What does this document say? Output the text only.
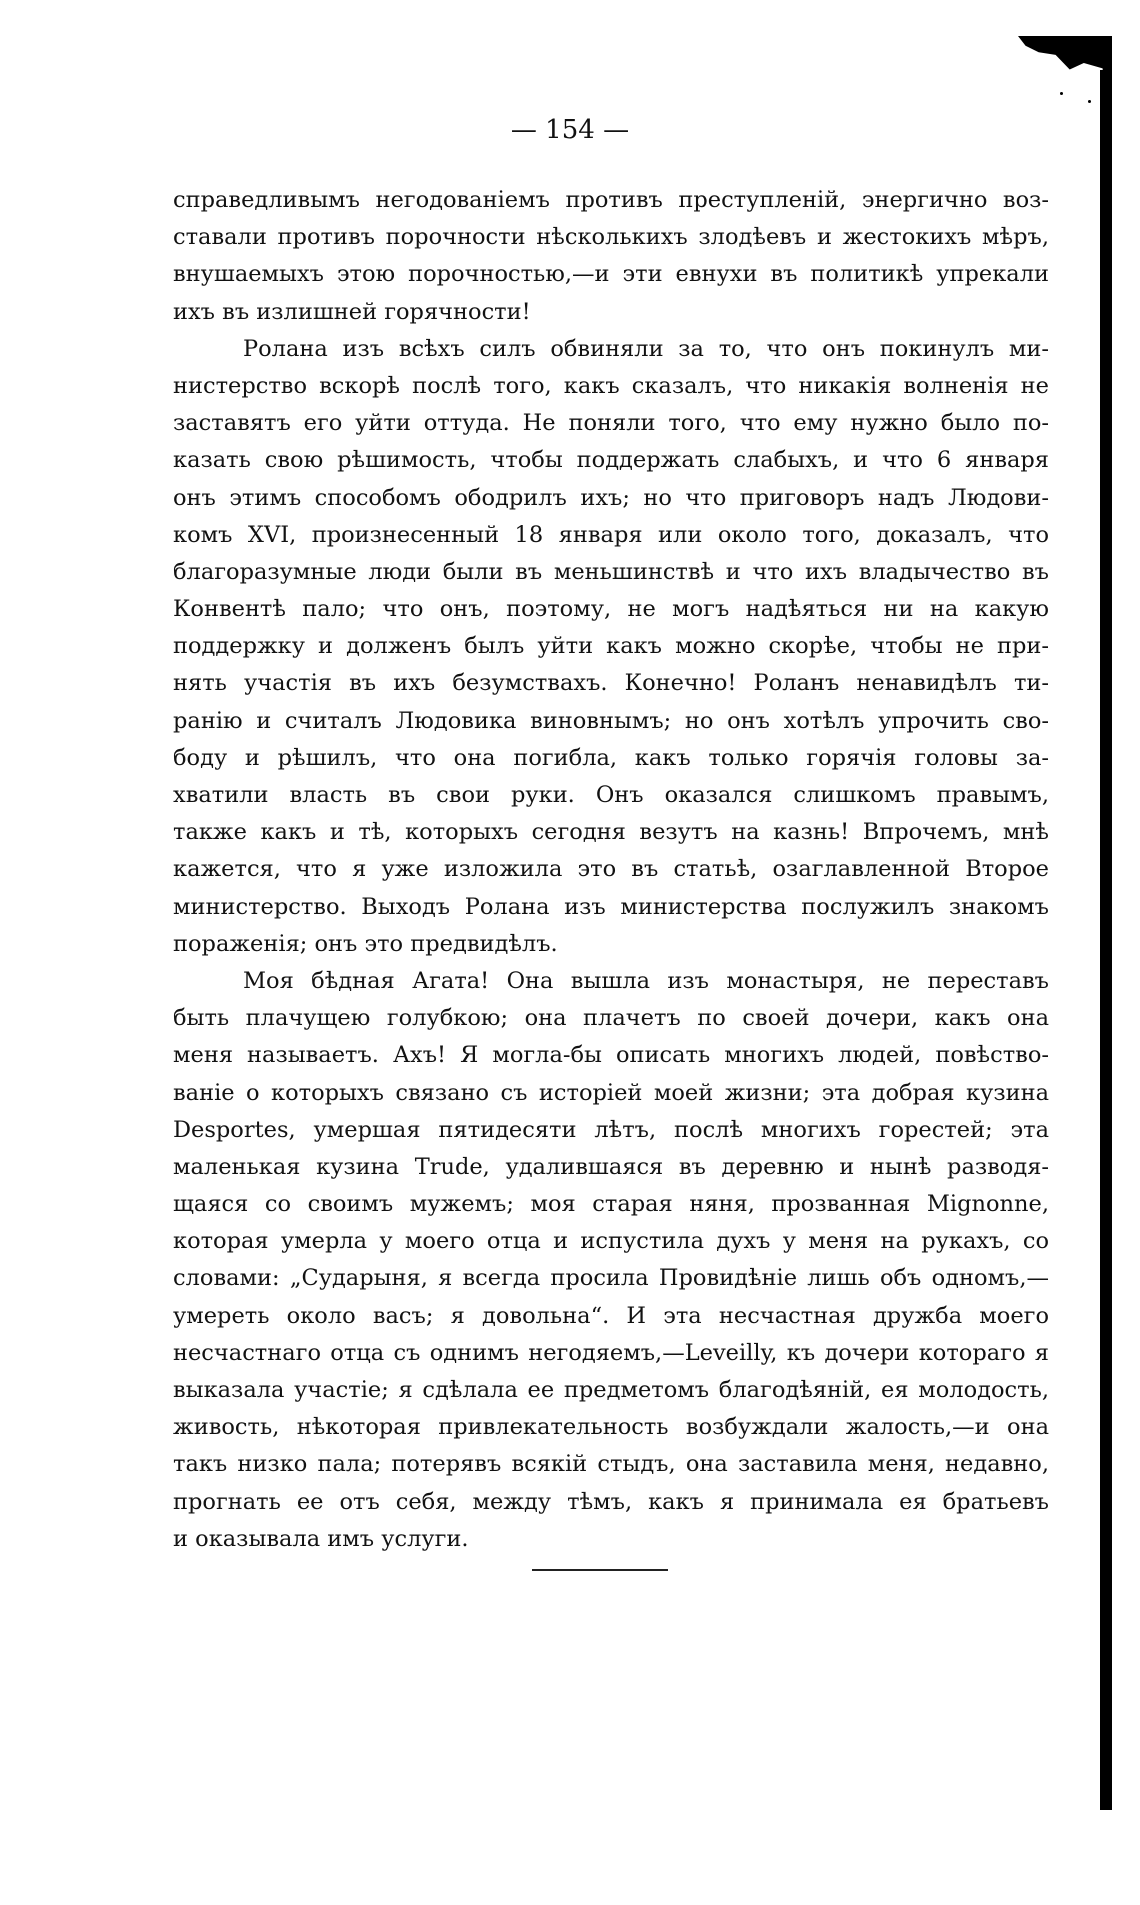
— 154 —

справедливымъ негодованіемъ противъ преступленій, энергично воз-
ставали противъ порочности нѣсколькихъ злодѣевъ и жестокихъ мѣръ,
внушаемыхъ этою порочностью,—и эти евнухи въ политикѣ упрекали
ихъ въ излишней горячности!

Ролана изъ всѣхъ силъ обвиняли за то, что онъ покинулъ ми-
нистерство вскорѣ послѣ того, какъ сказалъ, что никакія волненія не
заставятъ его уйти оттуда. Не поняли того, что ему нужно было по-
казать свою рѣшимость, чтобы поддержать слабыхъ, и что 6 января
онъ этимъ способомъ ободрилъ ихъ; но что приговоръ надъ Людови-
комъ XVI, произнесенный 18 января или около того, доказалъ, что
благоразумные люди были въ меньшинствѣ и что ихъ владычество въ
Конвентѣ пало; что онъ, поэтому, не могъ надѣяться ни на какую
поддержку и долженъ былъ уйти какъ можно скорѣе, чтобы не при-
нять участія въ ихъ безумствахъ. Конечно! Роланъ ненавидѣлъ ти-
ранію и считалъ Людовика виновнымъ; но онъ хотѣлъ упрочить сво-
боду и рѣшилъ, что она погибла, какъ только горячія головы за-
хватили власть въ свои руки. Онъ оказался слишкомъ правымъ,
также какъ и тѣ, которыхъ сегодня везутъ на казнь! Впрочемъ, мнѣ
кажется, что я уже изложила это въ статьѣ, озаглавленной Второе
министерство. Выходъ Ролана изъ министерства послужилъ знакомъ
пораженія; онъ это предвидѣлъ.

Моя бѣдная Агата! Она вышла изъ монастыря, не переставъ
быть плачущею голубкою; она плачетъ по своей дочери, какъ она
меня называетъ. Ахъ! Я могла-бы описать многихъ людей, повѣство-
ваніе о которыхъ связано съ исторіей моей жизни; эта добрая кузина
Desportes, умершая пятидесяти лѣтъ, послѣ многихъ горестей; эта
маленькая кузина Trude, удалившаяся въ деревню и нынѣ разводя-
щаяся со своимъ мужемъ; моя старая няня, прозванная Mignonne,
которая умерла у моего отца и испустила духъ у меня на рукахъ, со
словами: „Сударыня, я всегда просила Провидѣніе лишь объ одномъ,—
умереть около васъ; я довольна“. И эта несчастная дружба моего
несчастнаго отца съ однимъ негодяемъ,—Leveilly, къ дочери котораго я
выказала участіе; я сдѣлала ее предметомъ благодѣяній, ея молодость,
живость, нѣкоторая привлекательность возбуждали жалость,—и она
такъ низко пала; потерявъ всякій стыдъ, она заставила меня, недавно,
прогнать ее отъ себя, между тѣмъ, какъ я принимала ея братьевъ
и оказывала имъ услуги.
